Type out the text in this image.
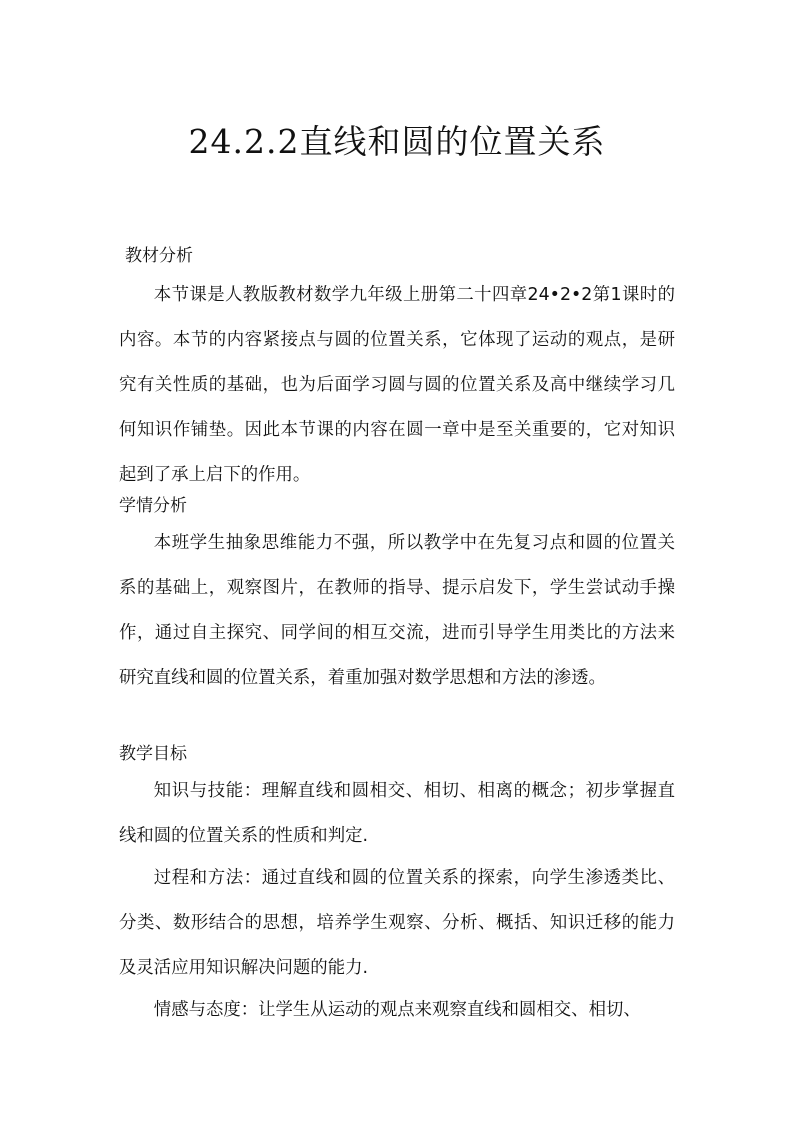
24.2.2直线和圆的位置关系
教材分析
本节课是人教版教材数学九年级上册第二十四章24•2•2第1课时的内容。本节的内容紧接点与圆的位置关系，它体现了运动的观点，是研究有关性质的基础，也为后面学习圆与圆的位置关系及高中继续学习几何知识作铺垫。因此本节课的内容在圆一章中是至关重要的，它对知识起到了承上启下的作用。
学情分析
本班学生抽象思维能力不强，所以教学中在先复习点和圆的位置关系的基础上，观察图片，在教师的指导、提示启发下，学生尝试动手操作，通过自主探究、同学间的相互交流，进而引导学生用类比的方法来研究直线和圆的位置关系，着重加强对数学思想和方法的渗透。
教学目标
知识与技能：理解直线和圆相交、相切、相离的概念；初步掌握直线和圆的位置关系的性质和判定.
过程和方法：通过直线和圆的位置关系的探索，向学生渗透类比、分类、数形结合的思想，培养学生观察、分析、概括、知识迁移的能力及灵活应用知识解决问题的能力.
情感与态度：让学生从运动的观点来观察直线和圆相交、相切、
